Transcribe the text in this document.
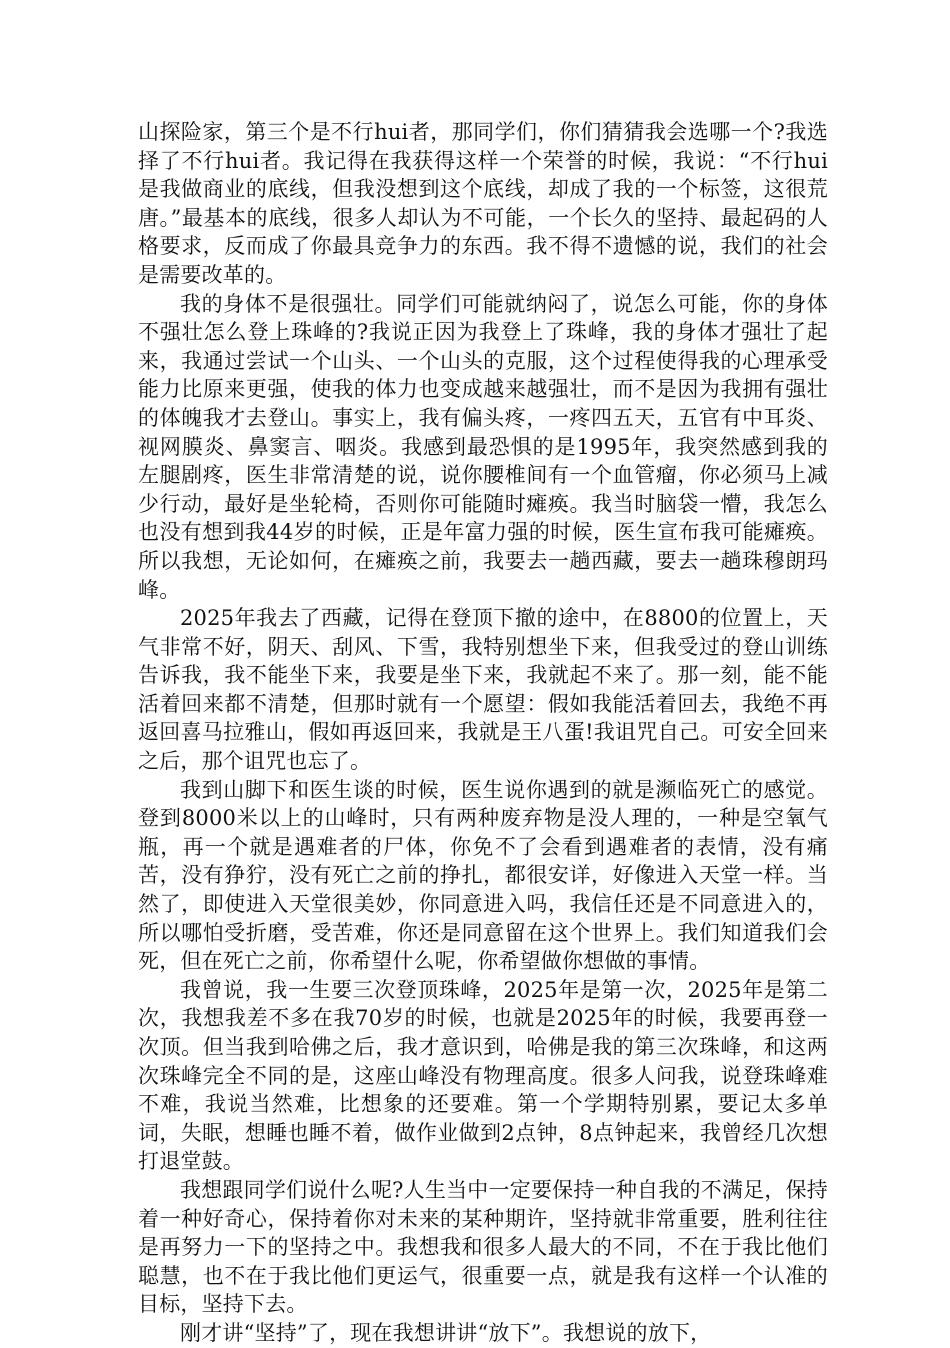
山探险家，第三个是不行hui者，那同学们，你们猜猜我会选哪一个?我选择了不行hui者。我记得在我获得这样一个荣誉的时候，我说：“不行hui是我做商业的底线，但我没想到这个底线，却成了我的一个标签，这很荒唐。”最基本的底线，很多人却认为不可能，一个长久的坚持、最起码的人格要求，反而成了你最具竞争力的东西。我不得不遗憾的说，我们的社会是需要改革的。

我的身体不是很强壮。同学们可能就纳闷了，说怎么可能，你的身体不强壮怎么登上珠峰的?我说正因为我登上了珠峰，我的身体才强壮了起来，我通过尝试一个山头、一个山头的克服，这个过程使得我的心理承受能力比原来更强，使我的体力也变成越来越强壮，而不是因为我拥有强壮的体魄我才去登山。事实上，我有偏头疼，一疼四五天，五官有中耳炎、视网膜炎、鼻窦言、咽炎。我感到最恐惧的是1995年，我突然感到我的左腿剧疼，医生非常清楚的说，说你腰椎间有一个血管瘤，你必须马上减少行动，最好是坐轮椅，否则你可能随时瘫痪。我当时脑袋一懵，我怎么也没有想到我44岁的时候，正是年富力强的时候，医生宣布我可能瘫痪。所以我想，无论如何，在瘫痪之前，我要去一趟西藏，要去一趟珠穆朗玛峰。

2025年我去了西藏，记得在登顶下撤的途中，在8800的位置上，天气非常不好，阴天、刮风、下雪，我特别想坐下来，但我受过的登山训练告诉我，我不能坐下来，我要是坐下来，我就起不来了。那一刻，能不能活着回来都不清楚，但那时就有一个愿望：假如我能活着回去，我绝不再返回喜马拉雅山，假如再返回来，我就是王八蛋!我诅咒自己。可安全回来之后，那个诅咒也忘了。

我到山脚下和医生谈的时候，医生说你遇到的就是濒临死亡的感觉。登到8000米以上的山峰时，只有两种废弃物是没人理的，一种是空氧气瓶，再一个就是遇难者的尸体，你免不了会看到遇难者的表情，没有痛苦，没有狰狞，没有死亡之前的挣扎，都很安详，好像进入天堂一样。当然了，即使进入天堂很美妙，你同意进入吗，我信任还是不同意进入的，所以哪怕受折磨，受苦难，你还是同意留在这个世界上。我们知道我们会死，但在死亡之前，你希望什么呢，你希望做你想做的事情。

我曾说，我一生要三次登顶珠峰，2025年是第一次，2025年是第二次，我想我差不多在我70岁的时候，也就是2025年的时候，我要再登一次顶。但当我到哈佛之后，我才意识到，哈佛是我的第三次珠峰，和这两次珠峰完全不同的是，这座山峰没有物理高度。很多人问我，说登珠峰难不难，我说当然难，比想象的还要难。第一个学期特别累，要记太多单词，失眠，想睡也睡不着，做作业做到2点钟，8点钟起来，我曾经几次想打退堂鼓。

我想跟同学们说什么呢?人生当中一定要保持一种自我的不满足，保持着一种好奇心，保持着你对未来的某种期许，坚持就非常重要，胜利往往是再努力一下的坚持之中。我想我和很多人最大的不同，不在于我比他们聪慧，也不在于我比他们更运气，很重要一点，就是我有这样一个认准的目标，坚持下去。

刚才讲“坚持”了，现在我想讲讲“放下”。我想说的放下，
